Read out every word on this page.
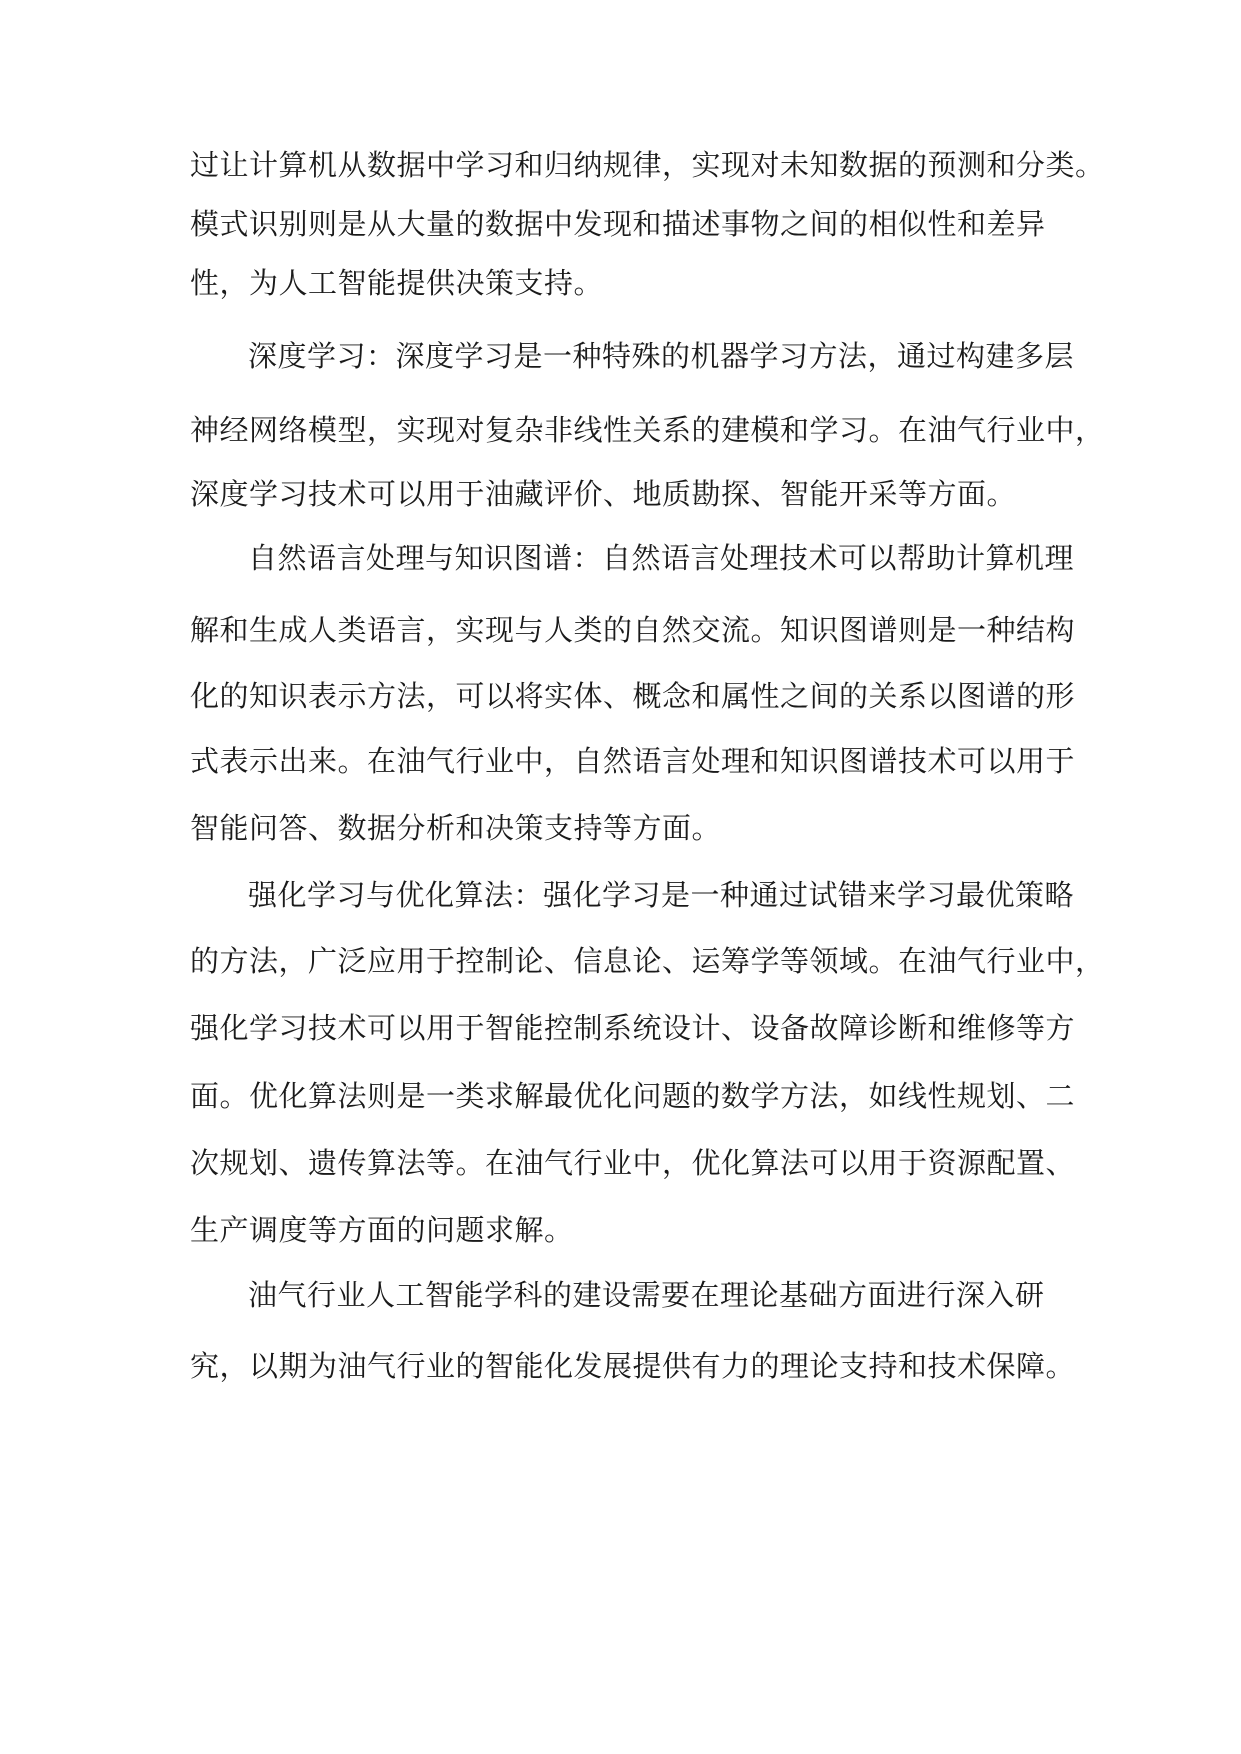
过让计算机从数据中学习和归纳规律，实现对未知数据的预测和分类。

模式识别则是从大量的数据中发现和描述事物之间的相似性和差异

性，为人工智能提供决策支持。

深度学习：深度学习是一种特殊的机器学习方法，通过构建多层

神经网络模型，实现对复杂非线性关系的建模和学习。在油气行业中，

深度学习技术可以用于油藏评价、地质勘探、智能开采等方面。

自然语言处理与知识图谱：自然语言处理技术可以帮助计算机理

解和生成人类语言，实现与人类的自然交流。知识图谱则是一种结构

化的知识表示方法，可以将实体、概念和属性之间的关系以图谱的形

式表示出来。在油气行业中，自然语言处理和知识图谱技术可以用于

智能问答、数据分析和决策支持等方面。

强化学习与优化算法：强化学习是一种通过试错来学习最优策略

的方法，广泛应用于控制论、信息论、运筹学等领域。在油气行业中，

强化学习技术可以用于智能控制系统设计、设备故障诊断和维修等方

面。优化算法则是一类求解最优化问题的数学方法，如线性规划、二

次规划、遗传算法等。在油气行业中，优化算法可以用于资源配置、

生产调度等方面的问题求解。

油气行业人工智能学科的建设需要在理论基础方面进行深入研

究，以期为油气行业的智能化发展提供有力的理论支持和技术保障。
